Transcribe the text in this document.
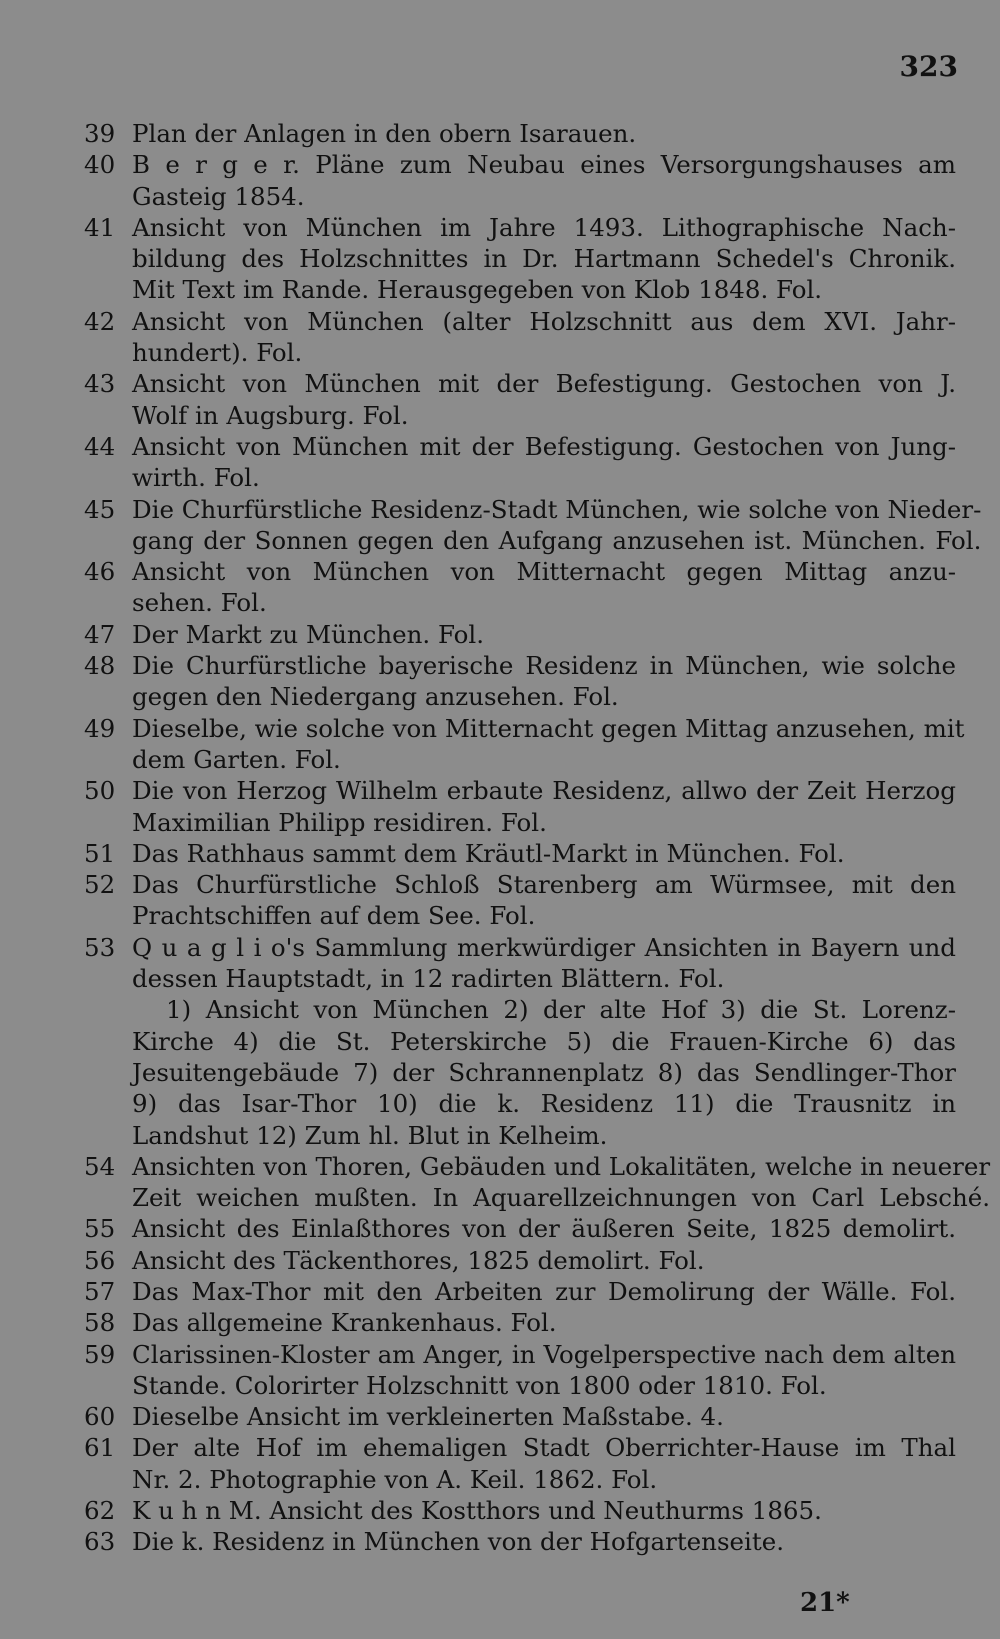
323
39 Plan der Anlagen in den obern Isarauen.
40 B e r g e r. Pläne zum Neubau eines Versorgungshauses am
Gasteig 1854.
41 Ansicht von München im Jahre 1493. Lithographische Nach-
bildung des Holzschnittes in Dr. Hartmann Schedel's Chronik.
Mit Text im Rande. Herausgegeben von Klob 1848. Fol.
42 Ansicht von München (alter Holzschnitt aus dem XVI. Jahr-
hundert). Fol.
43 Ansicht von München mit der Befestigung. Gestochen von J.
Wolf in Augsburg. Fol.
44 Ansicht von München mit der Befestigung. Gestochen von Jung-
wirth. Fol.
45 Die Churfürstliche Residenz-Stadt München, wie solche von Nieder-
gang der Sonnen gegen den Aufgang anzusehen ist. München. Fol.
46 Ansicht von München von Mitternacht gegen Mittag anzu-
sehen. Fol.
47 Der Markt zu München. Fol.
48 Die Churfürstliche bayerische Residenz in München, wie solche
gegen den Niedergang anzusehen. Fol.
49 Dieselbe, wie solche von Mitternacht gegen Mittag anzusehen, mit
dem Garten. Fol.
50 Die von Herzog Wilhelm erbaute Residenz, allwo der Zeit Herzog
Maximilian Philipp residiren. Fol.
51 Das Rathhaus sammt dem Kräutl-Markt in München. Fol.
52 Das Churfürstliche Schloß Starenberg am Würmsee, mit den
Prachtschiffen auf dem See. Fol.
53 Q u a g l i o's Sammlung merkwürdiger Ansichten in Bayern und
dessen Hauptstadt, in 12 radirten Blättern. Fol.
1) Ansicht von München 2) der alte Hof 3) die St. Lorenz-
Kirche 4) die St. Peterskirche 5) die Frauen-Kirche 6) das
Jesuitengebäude 7) der Schrannenplatz 8) das Sendlinger-Thor
9) das Isar-Thor 10) die k. Residenz 11) die Trausnitz in
Landshut 12) Zum hl. Blut in Kelheim.
54 Ansichten von Thoren, Gebäuden und Lokalitäten, welche in neuerer
Zeit weichen mußten. In Aquarellzeichnungen von Carl Lebsché.
55 Ansicht des Einlaßthores von der äußeren Seite, 1825 demolirt.
56 Ansicht des Täckenthores, 1825 demolirt. Fol.
57 Das Max-Thor mit den Arbeiten zur Demolirung der Wälle. Fol.
58 Das allgemeine Krankenhaus. Fol.
59 Clarissinen-Kloster am Anger, in Vogelperspective nach dem alten
Stande. Colorirter Holzschnitt von 1800 oder 1810. Fol.
60 Dieselbe Ansicht im verkleinerten Maßstabe. 4.
61 Der alte Hof im ehemaligen Stadt Oberrichter-Hause im Thal
Nr. 2. Photographie von A. Keil. 1862. Fol.
62 K u h n M. Ansicht des Kostthors und Neuthurms 1865.
63 Die k. Residenz in München von der Hofgartenseite.
21*
